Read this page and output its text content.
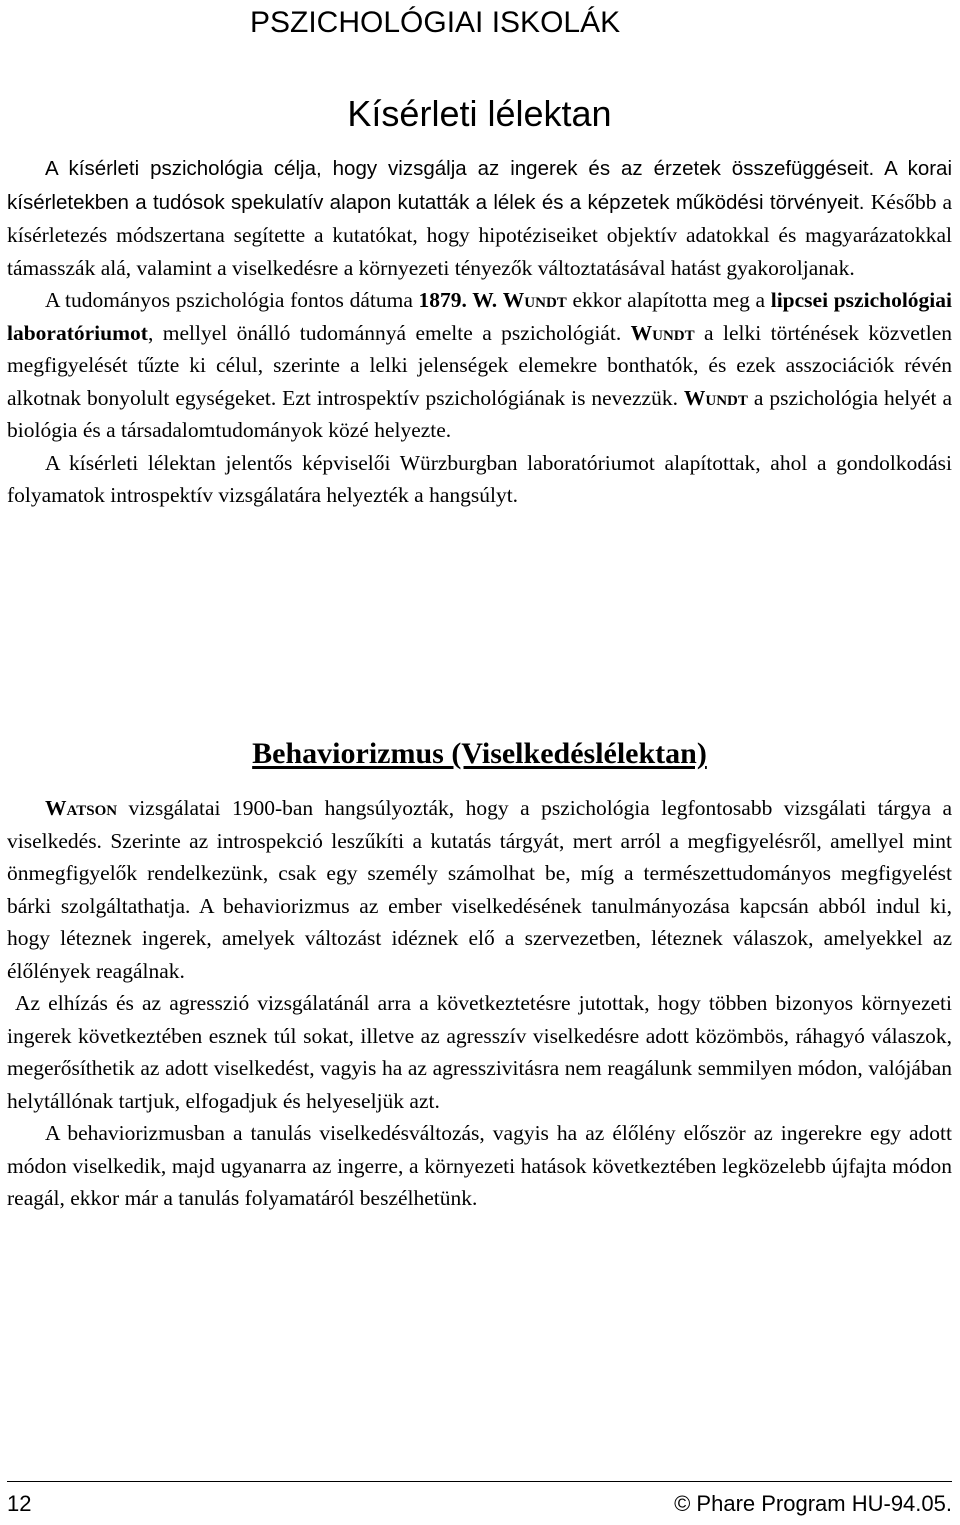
PSZICHOLÓGIAI ISKOLÁK
Kísérleti lélektan

A kísérleti pszichológia célja, hogy vizsgálja az ingerek és az érzetek összefüggéseit. A korai kísérletekben a tudósok spekulatív alapon kutatták a lélek és a képzetek működési törvényeit. Később a kísérletezés módszertana segítette a kutatókat, hogy hipotéziseiket objektív adatokkal és magyarázatokkal támasszák alá, valamint a viselkedésre a környezeti tényezők változtatásával hatást gyakoroljanak.

A tudományos pszichológia fontos dátuma 1879. W. Wundt ekkor alapította meg a lipcsei pszichológiai laboratóriumot, mellyel önálló tudománnyá emelte a pszichológiát. Wundt a lelki történések közvetlen megfigyelését tűzte ki célul, szerinte a lelki jelenségek elemekre bonthatók, és ezek asszociációk révén alkotnak bonyolult egységeket. Ezt introspektív pszichológiának is nevezzük. Wundt a pszichológia helyét a biológia és a társadalomtudományok közé helyezte.

A kísérleti lélektan jelentős képviselői Würzburgban laboratóriumot alapítottak, ahol a gondolkodási folyamatok introspektív vizsgálatára helyezték a hangsúlyt.

Behaviorizmus (Viselkedéslélektan)

Watson vizsgálatai 1900-ban hangsúlyozták, hogy a pszichológia legfontosabb vizsgálati tárgya a viselkedés. Szerinte az introspekció leszűkíti a kutatás tárgyát, mert arról a megfigyelésről, amellyel mint önmegfigyelők rendelkezünk, csak egy személy számolhat be, míg a természettudományos megfigyelést bárki szolgáltathatja. A behaviorizmus az ember viselkedésének tanulmányozása kapcsán abból indul ki, hogy léteznek ingerek, amelyek változást idéznek elő a szervezetben, léteznek válaszok, amelyekkel az élőlények reagálnak.

Az elhízás és az agresszió vizsgálatánál arra a következtetésre jutottak, hogy többen bizonyos környezeti ingerek következtében esznek túl sokat, illetve az agresszív viselkedésre adott közömbös, ráhagyó válaszok, megerősíthetik az adott viselkedést, vagyis ha az agresszivitásra nem reagálunk semmilyen módon, valójában helytállónak tartjuk, elfogadjuk és helyeseljük azt.

A behaviorizmusban a tanulás viselkedésváltozás, vagyis ha az élőlény először az ingerekre egy adott módon viselkedik, majd ugyanarra az ingerre, a környezeti hatások következtében legközelebb újfajta módon reagál, ekkor már a tanulás folyamatáról beszélhetünk.

12	© Phare Program HU-94.05.
